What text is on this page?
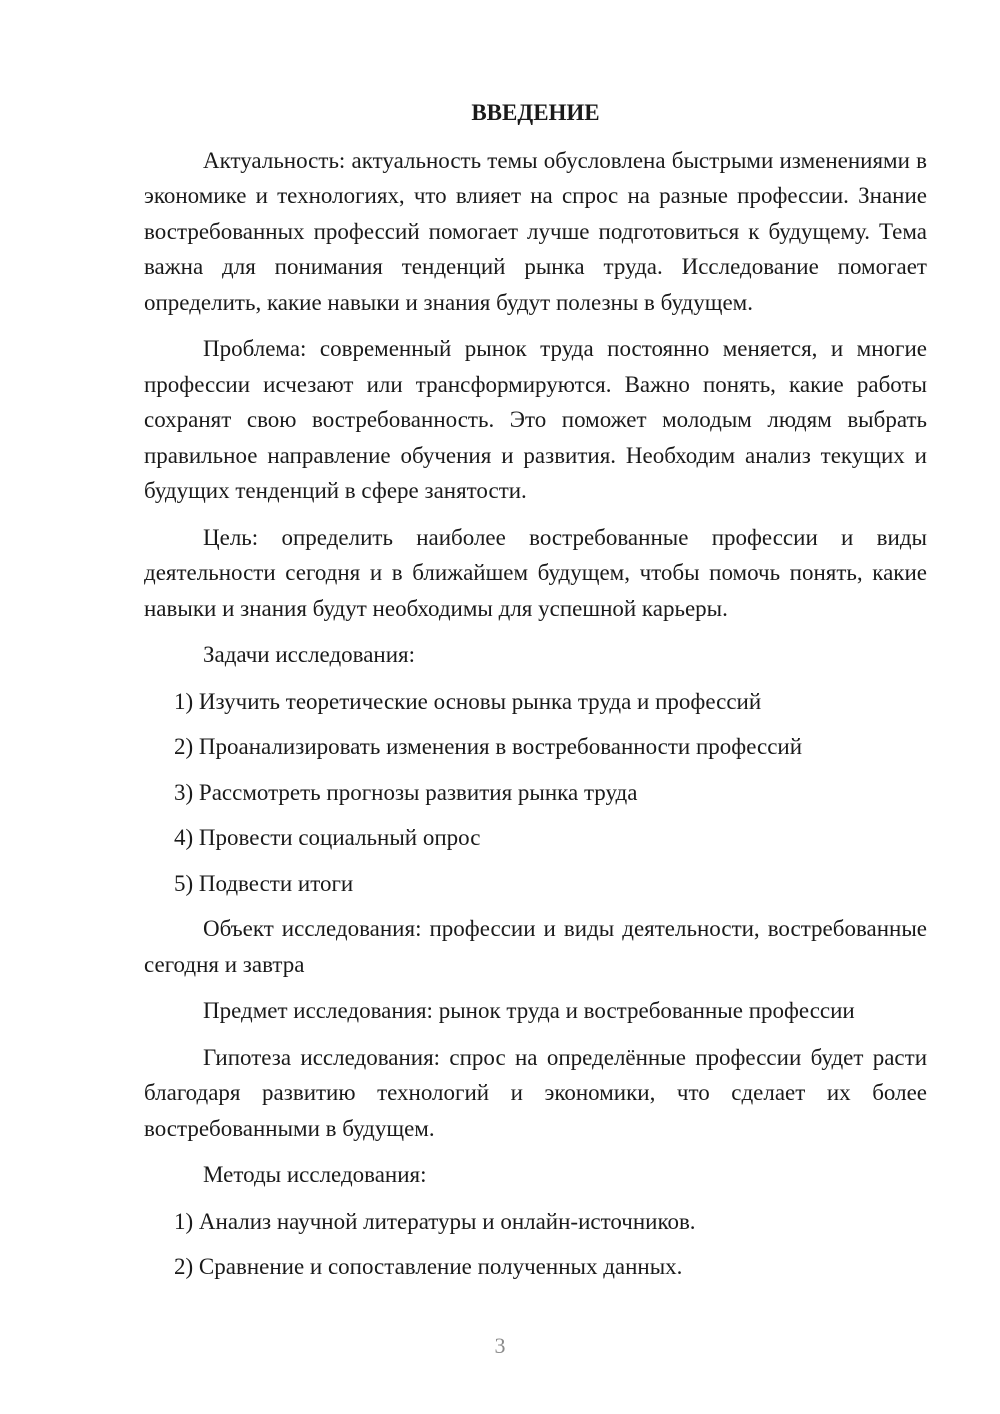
ВВЕДЕНИЕ

Актуальность: актуальность темы обусловлена быстрыми изменениями в экономике и технологиях, что влияет на спрос на разные профессии. Знание востребованных профессий помогает лучше подготовиться к будущему. Тема важна для понимания тенденций рынка труда. Исследование помогает определить, какие навыки и знания будут полезны в будущем.

Проблема: современный рынок труда постоянно меняется, и многие профессии исчезают или трансформируются. Важно понять, какие работы сохранят свою востребованность. Это поможет молодым людям выбрать правильное направление обучения и развития. Необходим анализ текущих и будущих тенденций в сфере занятости.

Цель: определить наиболее востребованные профессии и виды деятельности сегодня и в ближайшем будущем, чтобы помочь понять, какие навыки и знания будут необходимы для успешной карьеры.

Задачи исследования:

1) Изучить теоретические основы рынка труда и профессий

2) Проанализировать изменения в востребованности профессий

3) Рассмотреть прогнозы развития рынка труда

4) Провести социальный опрос

5) Подвести итоги

Объект исследования: профессии и виды деятельности, востребованные сегодня и завтра

Предмет исследования: рынок труда и востребованные профессии

Гипотеза исследования: спрос на определённые профессии будет расти благодаря развитию технологий и экономики, что сделает их более востребованными в будущем.

Методы исследования:

1) Анализ научной литературы и онлайн-источников.

2) Сравнение и сопоставление полученных данных.

3
